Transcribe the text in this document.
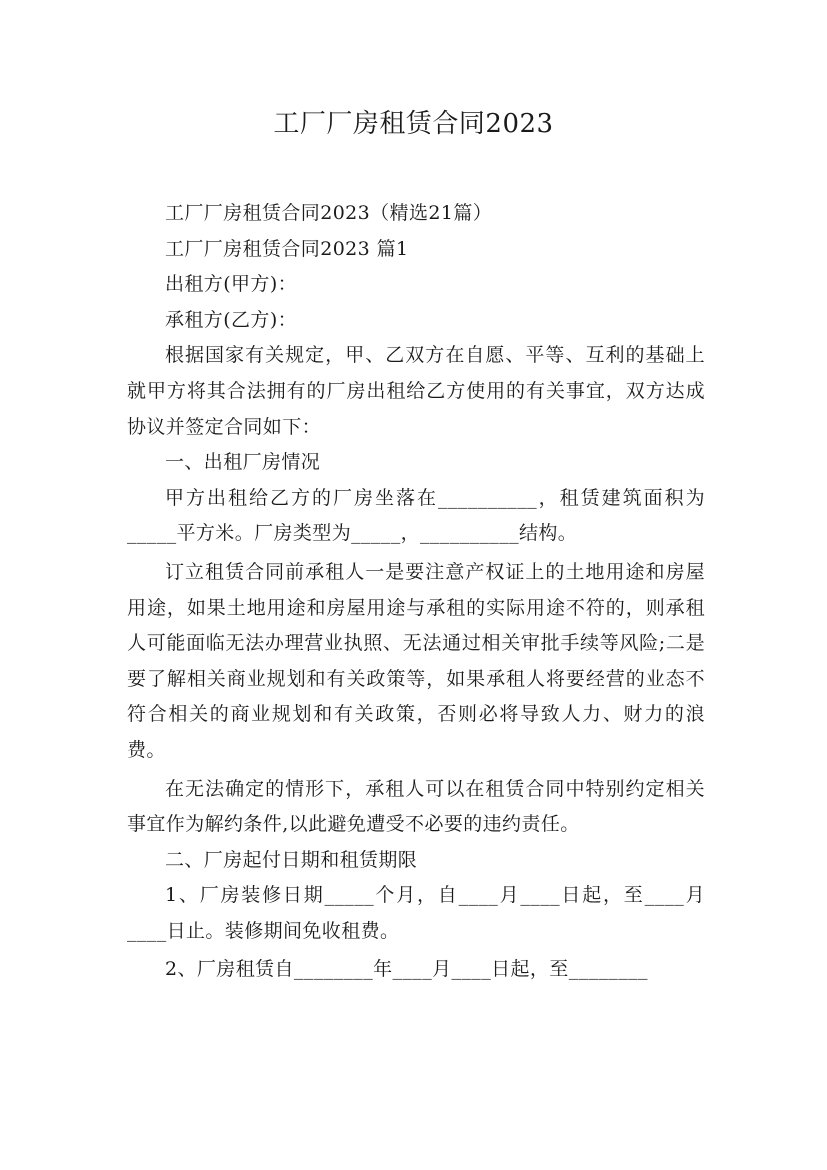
工厂厂房租赁合同2023

工厂厂房租赁合同2023（精选21篇）

工厂厂房租赁合同2023 篇1

出租方(甲方)：

承租方(乙方)：

根据国家有关规定，甲、乙双方在自愿、平等、互利的基础上就甲方将其合法拥有的厂房出租给乙方使用的有关事宜，双方达成协议并签定合同如下：

一、出租厂房情况

甲方出租给乙方的厂房坐落在__________，租赁建筑面积为_____平方米。厂房类型为_____，__________结构。

订立租赁合同前承租人一是要注意产权证上的土地用途和房屋用途，如果土地用途和房屋用途与承租的实际用途不符的，则承租人可能面临无法办理营业执照、无法通过相关审批手续等风险;二是要了解相关商业规划和有关政策等，如果承租人将要经营的业态不符合相关的商业规划和有关政策，否则必将导致人力、财力的浪费。

在无法确定的情形下，承租人可以在租赁合同中特别约定相关事宜作为解约条件,以此避免遭受不必要的违约责任。

二、厂房起付日期和租赁期限

1、厂房装修日期_____个月，自____月____日起，至____月____日止。装修期间免收租费。

2、厂房租赁自________年____月____日起，至________
